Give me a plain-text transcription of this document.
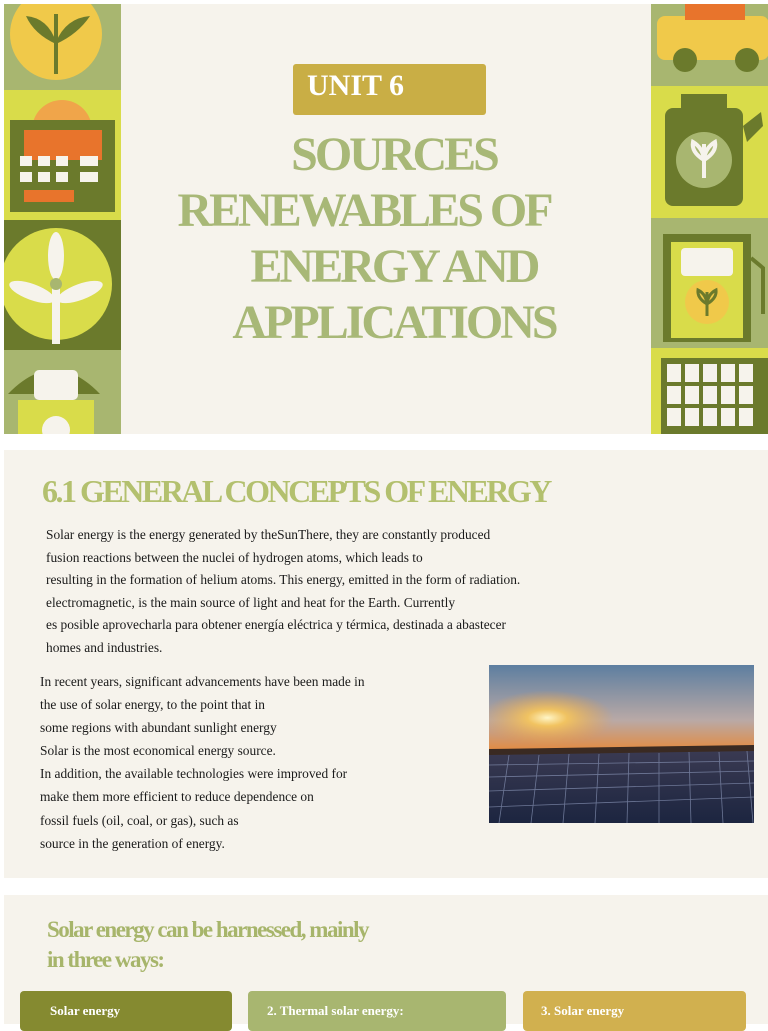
UNIT 6
SOURCES
RENEWABLES OF
ENERGY AND
APPLICATIONS
6.1 GENERAL CONCEPTS OF ENERGY
Solar energy is the energy generated by theSunThere, they are constantly produced
fusion reactions between the nuclei of hydrogen atoms, which leads to
resulting in the formation of helium atoms. This energy, emitted in the form of radiation.
electromagnetic, is the main source of light and heat for the Earth. Currently
es posible aprovecharla para obtener energía eléctrica y térmica, destinada a abastecer
homes and industries.
In recent years, significant advancements have been made in
the use of solar energy, to the point that in
some regions with abundant sunlight energy
Solar is the most economical energy source.
In addition, the available technologies were improved for
make them more efficient to reduce dependence on
fossil fuels (oil, coal, or gas), such as
source in the generation of energy.
Solar energy can be harnessed, mainly
in three ways:
Solar energy	2. Thermal solar energy:	3. Solar energy
